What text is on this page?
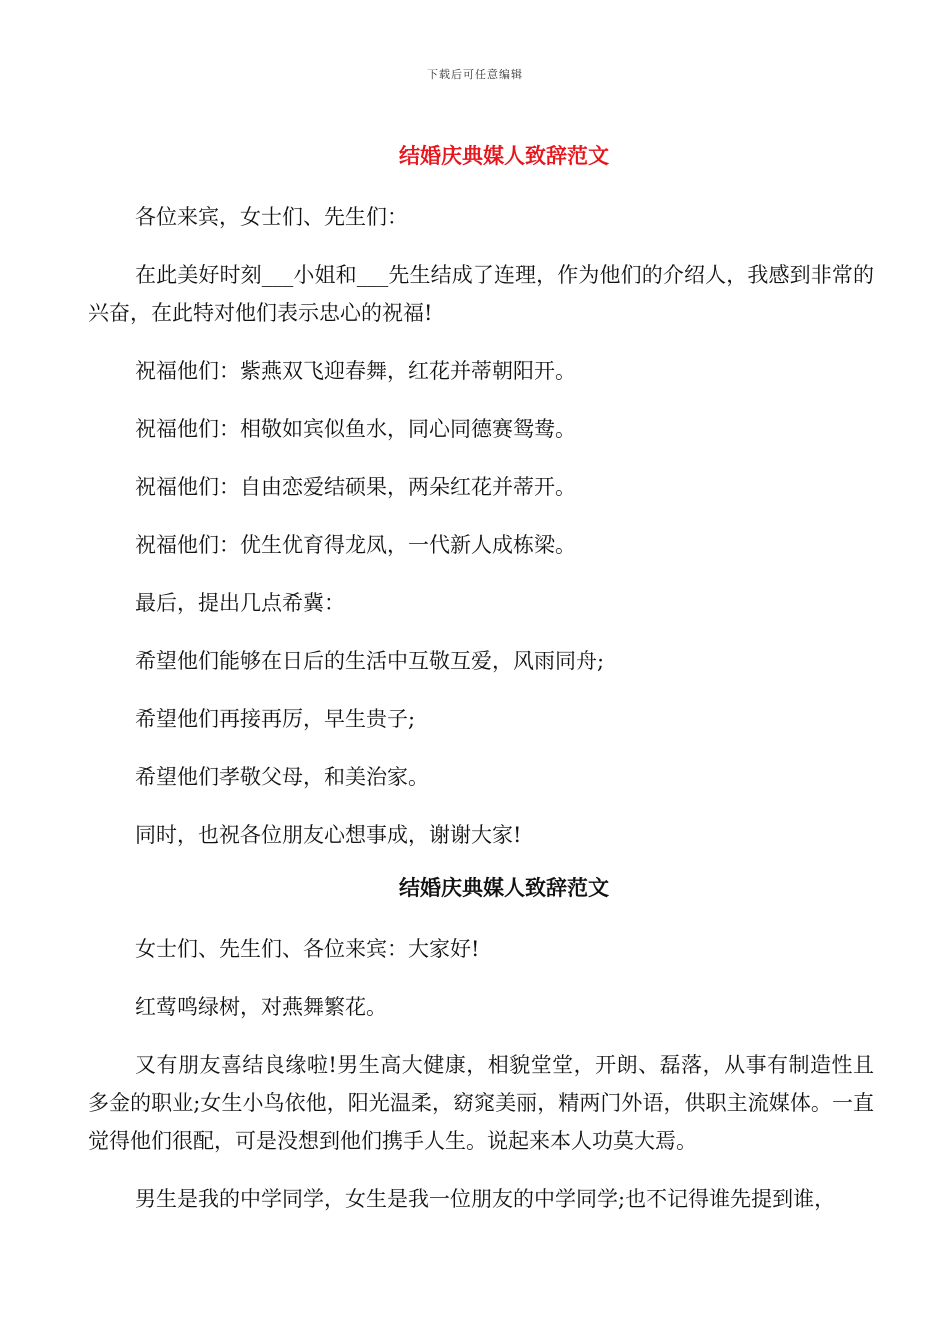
下载后可任意编辑
结婚庆典媒人致辞范文

各位来宾，女士们、先生们：

在此美好时刻___小姐和___先生结成了连理，作为他们的介绍人，我感到非常的兴奋，在此特对他们表示忠心的祝福!

祝福他们：紫燕双飞迎春舞，红花并蒂朝阳开。

祝福他们：相敬如宾似鱼水，同心同德赛鸳鸯。

祝福他们：自由恋爱结硕果，两朵红花并蒂开。

祝福他们：优生优育得龙凤，一代新人成栋梁。

最后，提出几点希冀：

希望他们能够在日后的生活中互敬互爱，风雨同舟;

希望他们再接再厉，早生贵子;

希望他们孝敬父母，和美治家。

同时，也祝各位朋友心想事成，谢谢大家!

结婚庆典媒人致辞范文

女士们、先生们、各位来宾：大家好!

红莺鸣绿树，对燕舞繁花。

又有朋友喜结良缘啦!男生高大健康，相貌堂堂，开朗、磊落，从事有制造性且多金的职业;女生小鸟依他，阳光温柔，窈窕美丽，精两门外语，供职主流媒体。一直觉得他们很配，可是没想到他们携手人生。说起来本人功莫大焉。

男生是我的中学同学，女生是我一位朋友的中学同学;也不记得谁先提到谁，
